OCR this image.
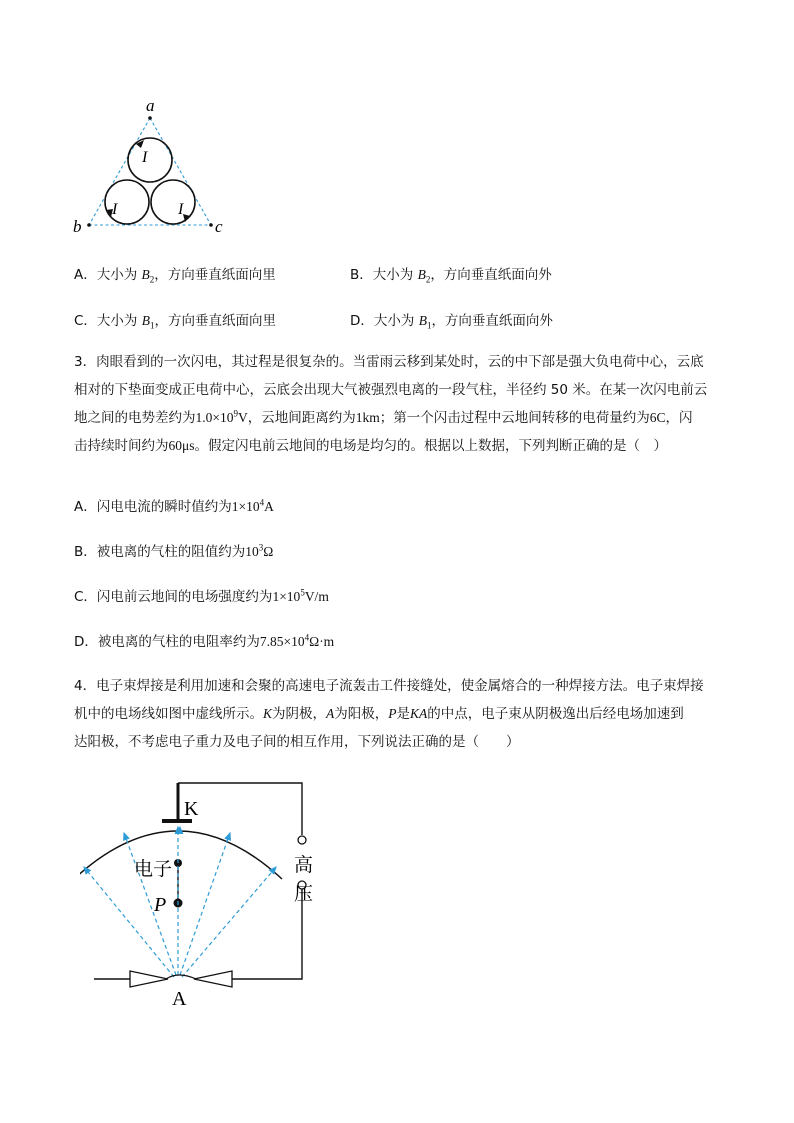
a
b	c
I
I	I
A．大小为 $B_2$，方向垂直纸面向里	B．大小为 $B_2$，方向垂直纸面向外
C．大小为 $B_1$，方向垂直纸面向里	D．大小为 $B_1$，方向垂直纸面向外
3．肉眼看到的一次闪电，其过程是很复杂的。当雷雨云移到某处时，云的中下部是强大负电荷中心，云底
相对的下垫面变成正电荷中心，云底会出现大气被强烈电离的一段气柱，半径约 50 米。在某一次闪电前云
地之间的电势差约为$1.0\times 10^9V$，云地间距离约为1km；第一个闪击过程中云地间转移的电荷量约为6C，闪
击持续时间约为60μs。假定闪电前云地间的电场是均匀的。根据以上数据，下列判断正确的是（　）
A．闪电电流的瞬时值约为$1\times 10^4A$
B．被电离的气柱的阻值约为$10^3\Omega$
C．闪电前云地间的电场强度约为$1\times 10^5V/m$
D．被电离的气柱的电阻率约为$7.85\times 10^4\Omega\cdot m$
4．电子束焊接是利用加速和会聚的高速电子流轰击工件接缝处，使金属熔合的一种焊接方法。电子束焊接
机中的电场线如图中虚线所示。K为阴极，A为阳极，P是KA的中点，电子束从阴极逸出后经电场加速到
达阳极，不考虑电子重力及电子间的相互作用，下列说法正确的是（　　）
K
电子
P
高
压
A
